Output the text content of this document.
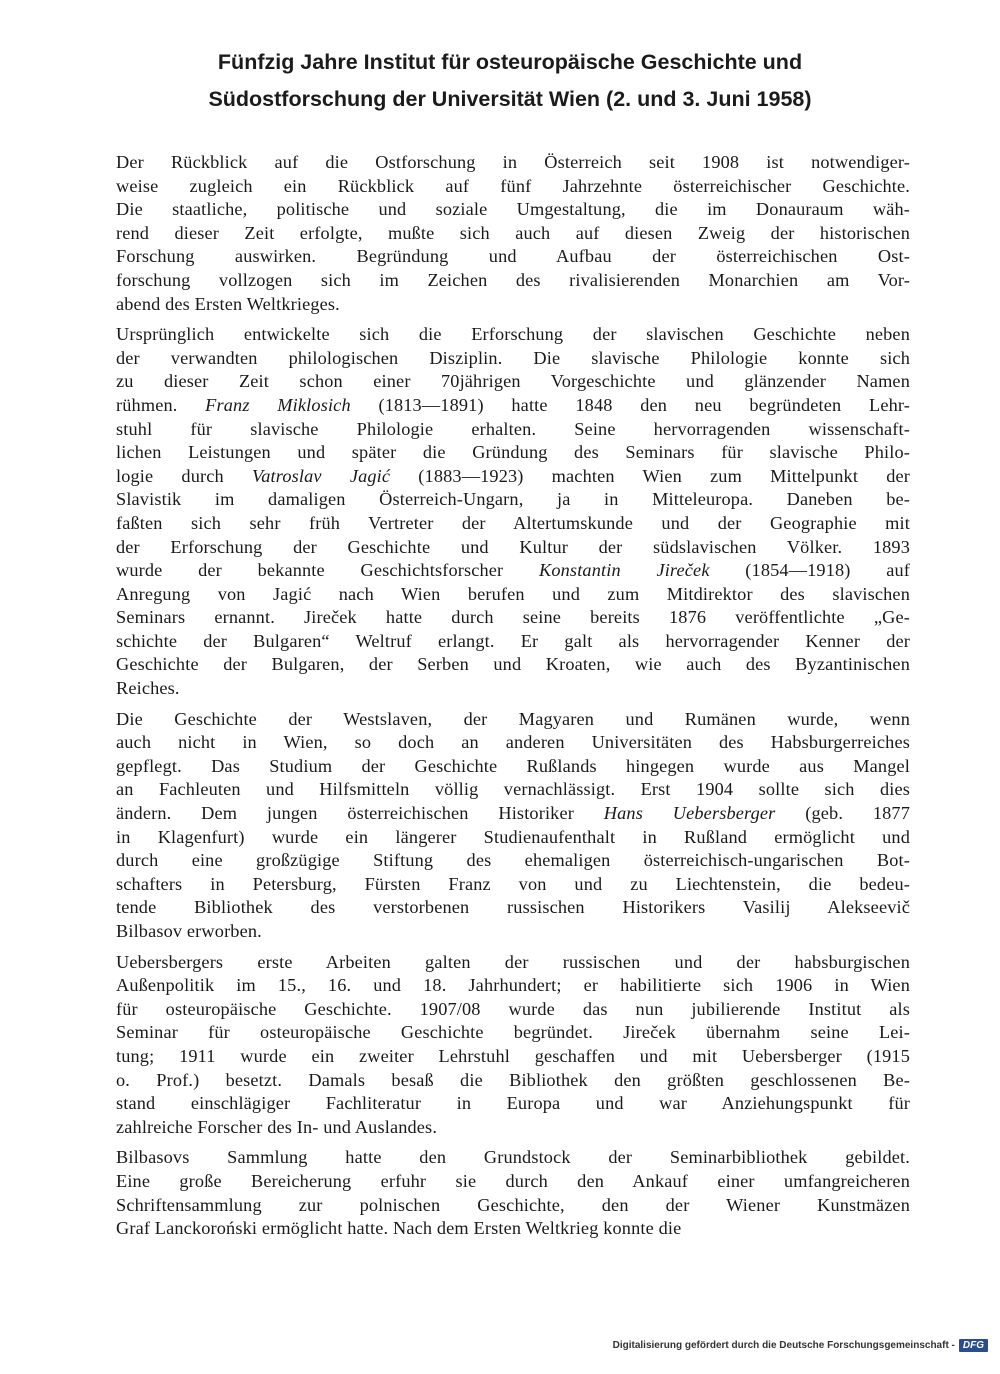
Fünfzig Jahre Institut für osteuropäische Geschichte und
Südostforschung der Universität Wien (2. und 3. Juni 1958)
Der Rückblick auf die Ostforschung in Österreich seit 1908 ist notwendiger-
weise zugleich ein Rückblick auf fünf Jahrzehnte österreichischer Geschichte.
Die staatliche, politische und soziale Umgestaltung, die im Donauraum wäh-
rend dieser Zeit erfolgte, mußte sich auch auf diesen Zweig der historischen
Forschung auswirken. Begründung und Aufbau der österreichischen Ost-
forschung vollzogen sich im Zeichen des rivalisierenden Monarchien am Vor-
abend des Ersten Weltkrieges.
Ursprünglich entwickelte sich die Erforschung der slavischen Geschichte neben
der verwandten philologischen Disziplin. Die slavische Philologie konnte sich
zu dieser Zeit schon einer 70jährigen Vorgeschichte und glänzender Namen
rühmen. Franz Miklosich (1813—1891) hatte 1848 den neu begründeten Lehr-
stuhl für slavische Philologie erhalten. Seine hervorragenden wissenschaft-
lichen Leistungen und später die Gründung des Seminars für slavische Philo-
logie durch Vatroslav Jagić (1883—1923) machten Wien zum Mittelpunkt der
Slavistik im damaligen Österreich-Ungarn, ja in Mitteleuropa. Daneben be-
faßten sich sehr früh Vertreter der Altertumskunde und der Geographie mit
der Erforschung der Geschichte und Kultur der südslavischen Völker. 1893
wurde der bekannte Geschichtsforscher Konstantin Jireček (1854—1918) auf
Anregung von Jagić nach Wien berufen und zum Mitdirektor des slavischen
Seminars ernannt. Jireček hatte durch seine bereits 1876 veröffentlichte „Ge-
schichte der Bulgaren“ Weltruf erlangt. Er galt als hervorragender Kenner der
Geschichte der Bulgaren, der Serben und Kroaten, wie auch des Byzantinischen
Reiches.
Die Geschichte der Westslaven, der Magyaren und Rumänen wurde, wenn
auch nicht in Wien, so doch an anderen Universitäten des Habsburgerreiches
gepflegt. Das Studium der Geschichte Rußlands hingegen wurde aus Mangel
an Fachleuten und Hilfsmitteln völlig vernachlässigt. Erst 1904 sollte sich dies
ändern. Dem jungen österreichischen Historiker Hans Uebersberger (geb. 1877
in Klagenfurt) wurde ein längerer Studienaufenthalt in Rußland ermöglicht und
durch eine großzügige Stiftung des ehemaligen österreichisch-ungarischen Bot-
schafters in Petersburg, Fürsten Franz von und zu Liechtenstein, die bedeu-
tende Bibliothek des verstorbenen russischen Historikers Vasilij Alekseevič
Bilbasov erworben.
Uebersbergers erste Arbeiten galten der russischen und der habsburgischen
Außenpolitik im 15., 16. und 18. Jahrhundert; er habilitierte sich 1906 in Wien
für osteuropäische Geschichte. 1907/08 wurde das nun jubilierende Institut als
Seminar für osteuropäische Geschichte begründet. Jireček übernahm seine Lei-
tung; 1911 wurde ein zweiter Lehrstuhl geschaffen und mit Uebersberger (1915
o. Prof.) besetzt. Damals besaß die Bibliothek den größten geschlossenen Be-
stand einschlägiger Fachliteratur in Europa und war Anziehungspunkt für
zahlreiche Forscher des In- und Auslandes.
Bilbasovs Sammlung hatte den Grundstock der Seminarbibliothek gebildet.
Eine große Bereicherung erfuhr sie durch den Ankauf einer umfangreicheren
Schriftensammlung zur polnischen Geschichte, den der Wiener Kunstmäzen
Graf Lanckoroński ermöglicht hatte. Nach dem Ersten Weltkrieg konnte die
Digitalisierung gefördert durch die Deutsche Forschungsgemeinschaft - DFG
